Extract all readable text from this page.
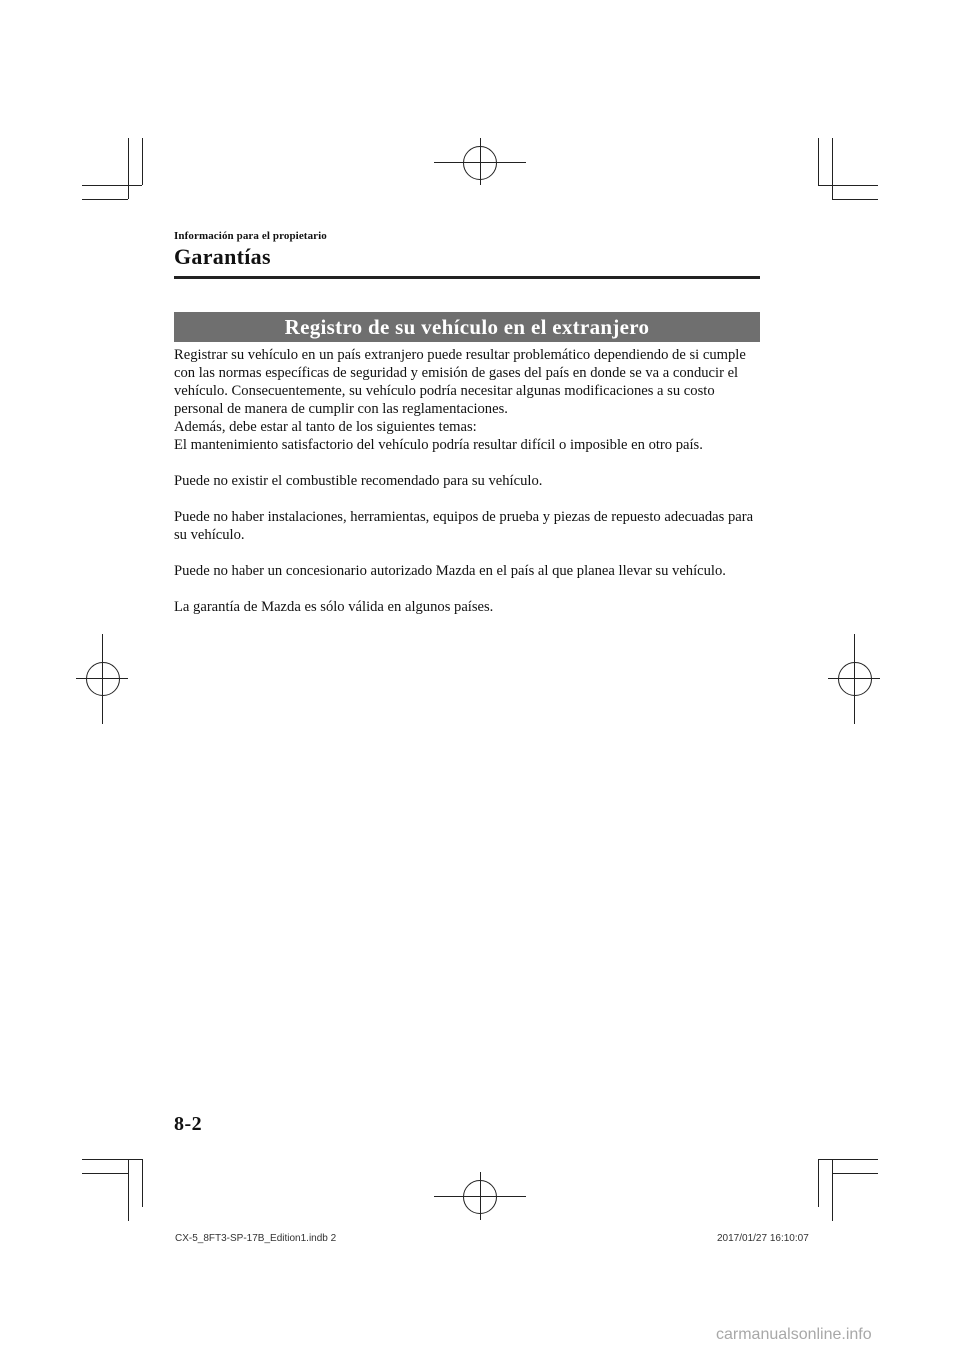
Información para el propietario
Garantías
Registro de su vehículo en el extranjero

Registrar su vehículo en un país extranjero puede resultar problemático dependiendo de si cumple con las normas específicas de seguridad y emisión de gases del país en donde se va a conducir el vehículo. Consecuentemente, su vehículo podría necesitar algunas modificaciones a su costo personal de manera de cumplir con las reglamentaciones.

Además, debe estar al tanto de los siguientes temas:

El mantenimiento satisfactorio del vehículo podría resultar difícil o imposible en otro país.

Puede no existir el combustible recomendado para su vehículo.

Puede no haber instalaciones, herramientas, equipos de prueba y piezas de repuesto adecuadas para su vehículo.

Puede no haber un concesionario autorizado Mazda en el país al que planea llevar su vehículo.

La garantía de Mazda es sólo válida en algunos países.

8-2
CX-5_8FT3-SP-17B_Edition1.indb 2	2017/01/27 16:10:07
carmanualsonline.info
